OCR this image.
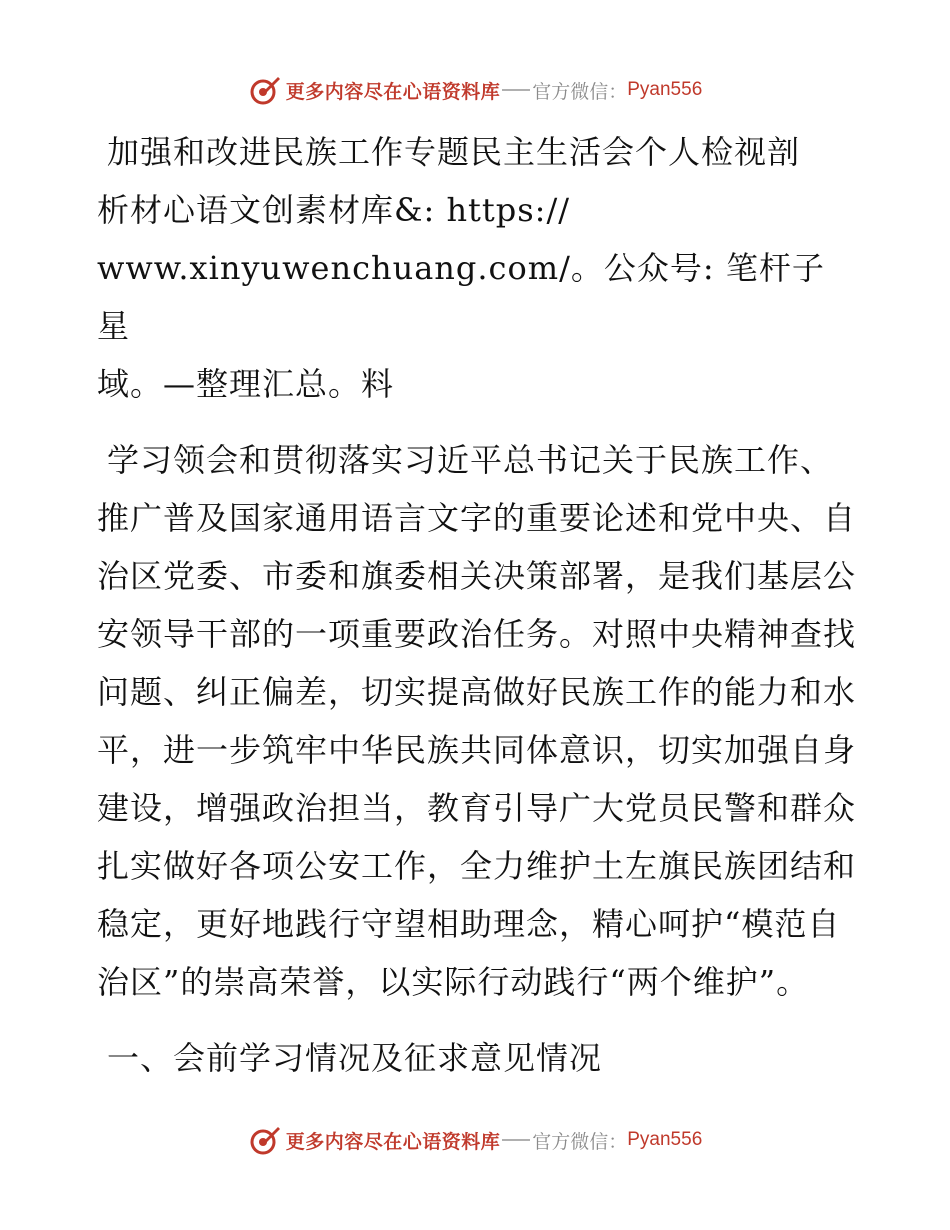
更多内容尽在心语资料库 官方微信： Pyan556

加强和改进民族工作专题民主生活会个人检视剖
析材心语文创素材库&: https://
www.xinyuwenchuang.com/。公众号: 笔杆子星
域。—整理汇总。料

学习领会和贯彻落实习近平总书记关于民族工作、推广普及国家通用语言文字的重要论述和党中央、自治区党委、市委和旗委相关决策部署，是我们基层公安领导干部的一项重要政治任务。对照中央精神查找问题、纠正偏差，切实提高做好民族工作的能力和水平，进一步筑牢中华民族共同体意识，切实加强自身建设，增强政治担当，教育引导广大党员民警和群众扎实做好各项公安工作，全力维护土左旗民族团结和稳定，更好地践行守望相助理念，精心呵护“模范自治区”的崇高荣誉，以实际行动践行“两个维护”。

一、会前学习情况及征求意见情况

更多内容尽在心语资料库 官方微信： Pyan556
